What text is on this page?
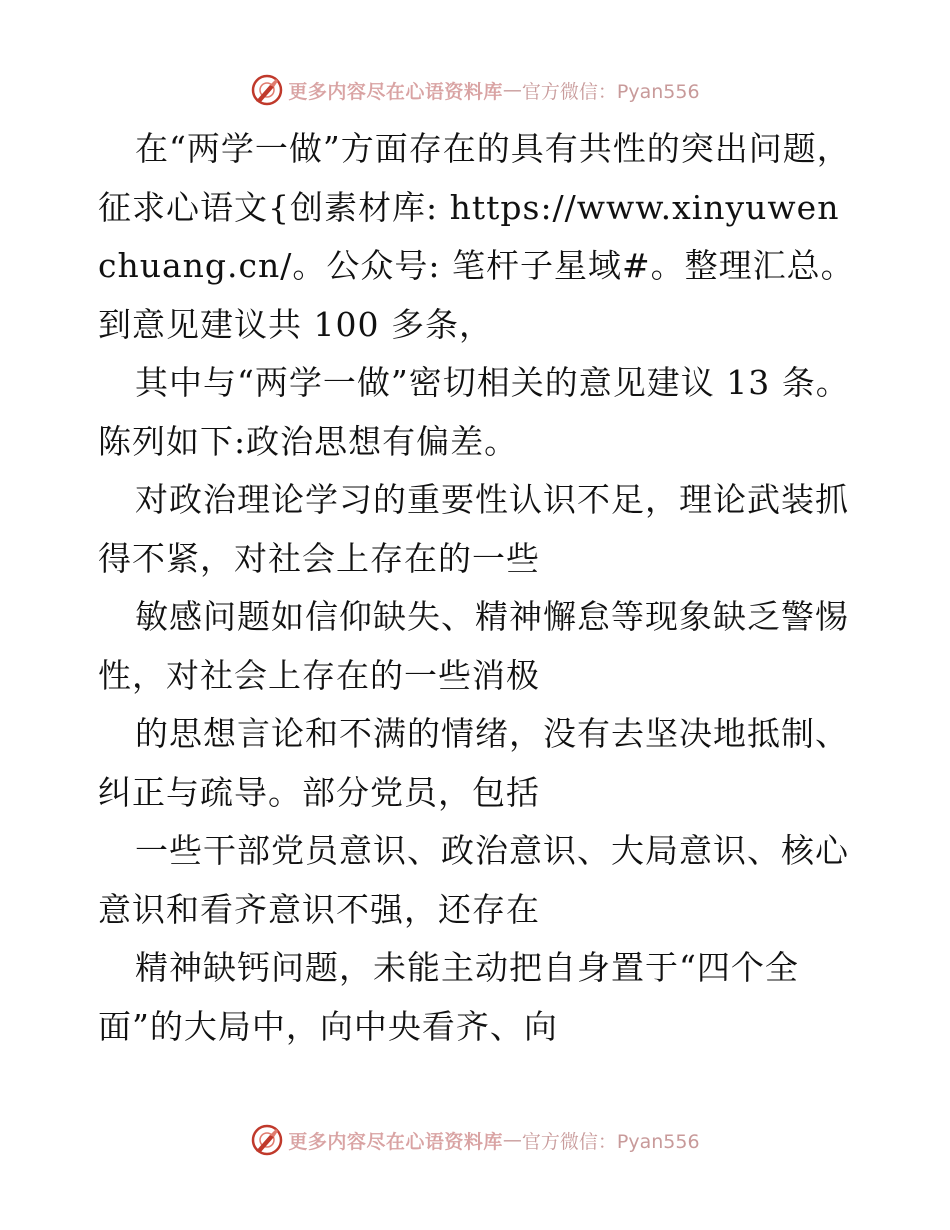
更多内容尽在心语资料库 — 官方微信：Pyan556

在“两学一做”方面存在的具有共性的突出问题，征求心语文{创素材库: https://www.xinyuwenchuang.cn/。公众号: 笔杆子星域#。整理汇总。到意见建议共 100 多条，

其中与“两学一做”密切相关的意见建议 13 条。陈列如下:政治思想有偏差。

对政治理论学习的重要性认识不足，理论武装抓得不紧，对社会上存在的一些

敏感问题如信仰缺失、精神懈怠等现象缺乏警惕性，对社会上存在的一些消极

的思想言论和不满的情绪，没有去坚决地抵制、纠正与疏导。部分党员，包括

一些干部党员意识、政治意识、大局意识、核心意识和看齐意识不强，还存在

精神缺钙问题，未能主动把自身置于“四个全面”的大局中，向中央看齐、向

更多内容尽在心语资料库 — 官方微信：Pyan556
